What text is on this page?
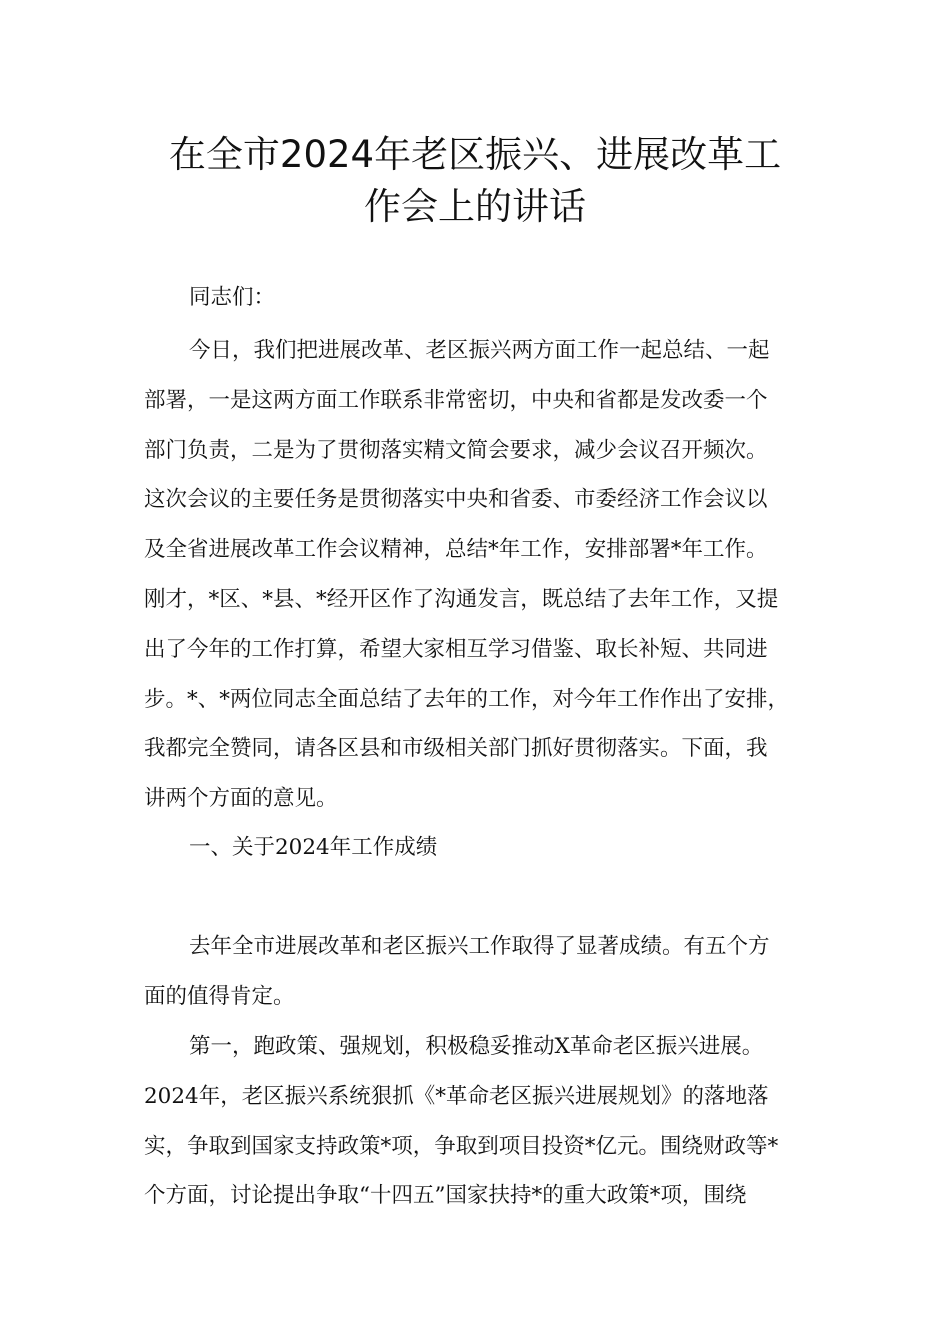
在全市2024年老区振兴、进展改革工
作会上的讲话
同志们：
今日，我们把进展改革、老区振兴两方面工作一起总结、一起
部署，一是这两方面工作联系非常密切，中央和省都是发改委一个
部门负责，二是为了贯彻落实精文简会要求，减少会议召开频次。
这次会议的主要任务是贯彻落实中央和省委、市委经济工作会议以
及全省进展改革工作会议精神，总结*年工作，安排部署*年工作。
刚才，*区、*县、*经开区作了沟通发言，既总结了去年工作，又提
出了今年的工作打算，希望大家相互学习借鉴、取长补短、共同进
步。*、*两位同志全面总结了去年的工作，对今年工作作出了安排，
我都完全赞同，请各区县和市级相关部门抓好贯彻落实。下面，我
讲两个方面的意见。
一、关于2024年工作成绩
去年全市进展改革和老区振兴工作取得了显著成绩。有五个方
面的值得肯定。
第一，跑政策、强规划，积极稳妥推动X革命老区振兴进展。
2024年，老区振兴系统狠抓《*革命老区振兴进展规划》的落地落
实，争取到国家支持政策*项，争取到项目投资*亿元。围绕财政等*
个方面，讨论提出争取“十四五”国家扶持*的重大政策*项，围绕
